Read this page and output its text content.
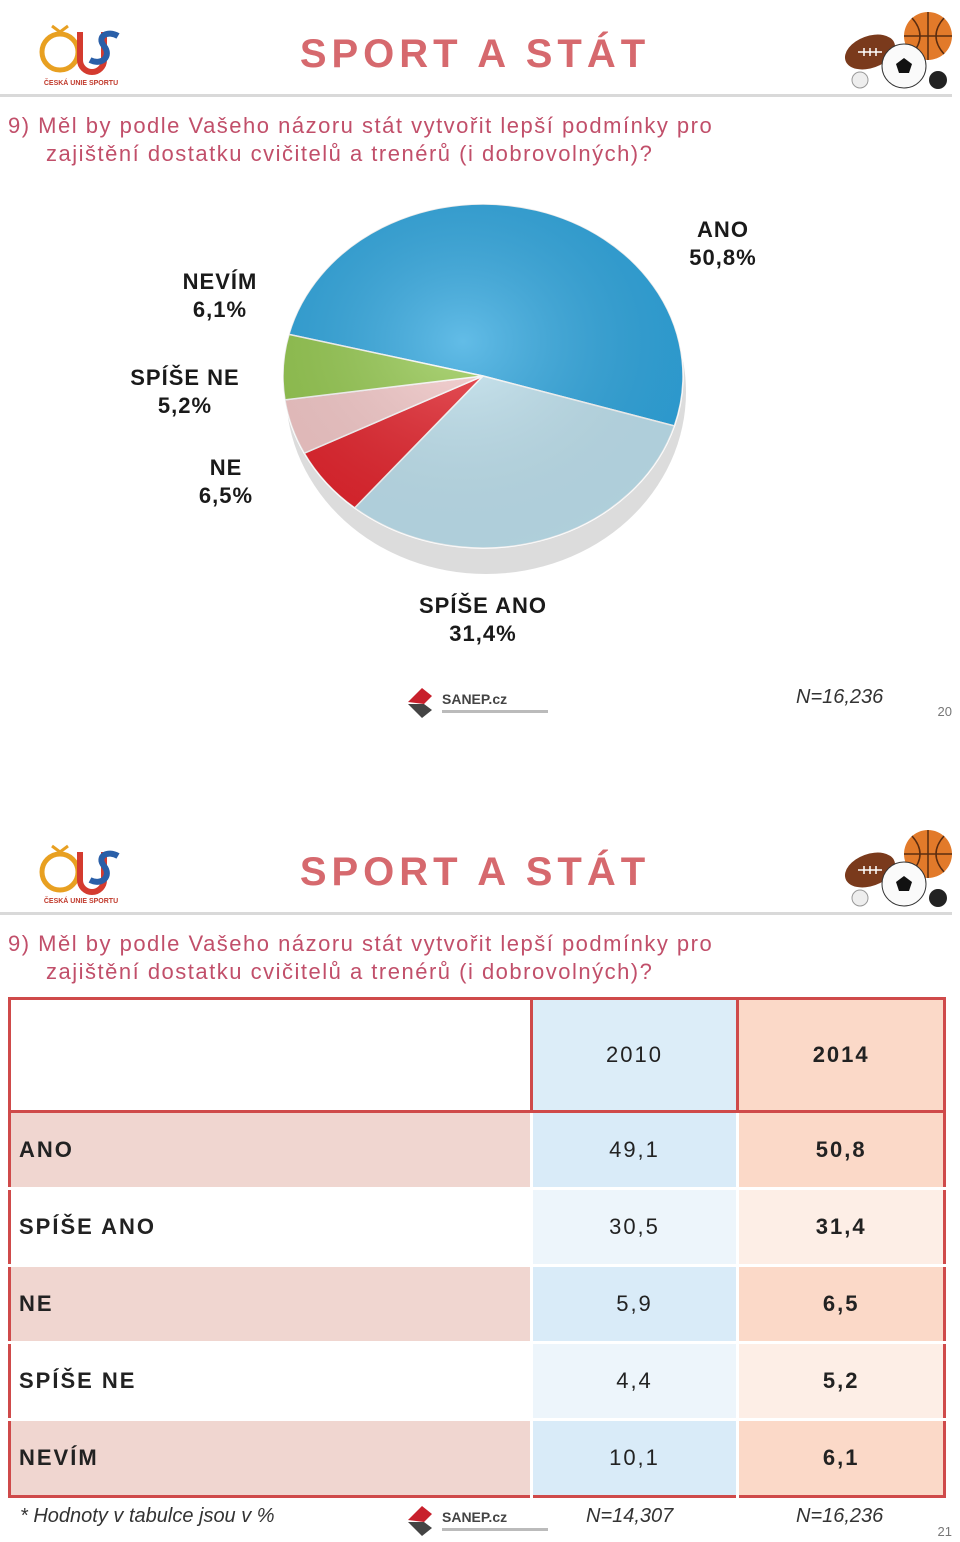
ČESKÁ UNIE SPORTU
SPORT A STÁT
9) Měl by podle Vašeho názoru stát vytvořit lepší podmínky pro
zajištění dostatku cvičitelů a trenérů (i dobrovolných)?
ANO
50,8%
NEVÍM
6,1%
SPÍŠE NE
5,2%
NE
6,5%
SPÍŠE ANO
31,4%
SANEP.cz	N=16,236
20
ČESKÁ UNIE SPORTU
SPORT A STÁT
9) Měl by podle Vašeho názoru stát vytvořit lepší podmínky pro
zajištění dostatku cvičitelů a trenérů (i dobrovolných)?
	2010	2014
ANO	49,1	50,8
SPÍŠE ANO	30,5	31,4
NE	5,9	6,5
SPÍŠE NE	4,4	5,2
NEVÍM	10,1	6,1
* Hodnoty v tabulce jsou v %	SANEP.cz	N=14,307	N=16,236
21
